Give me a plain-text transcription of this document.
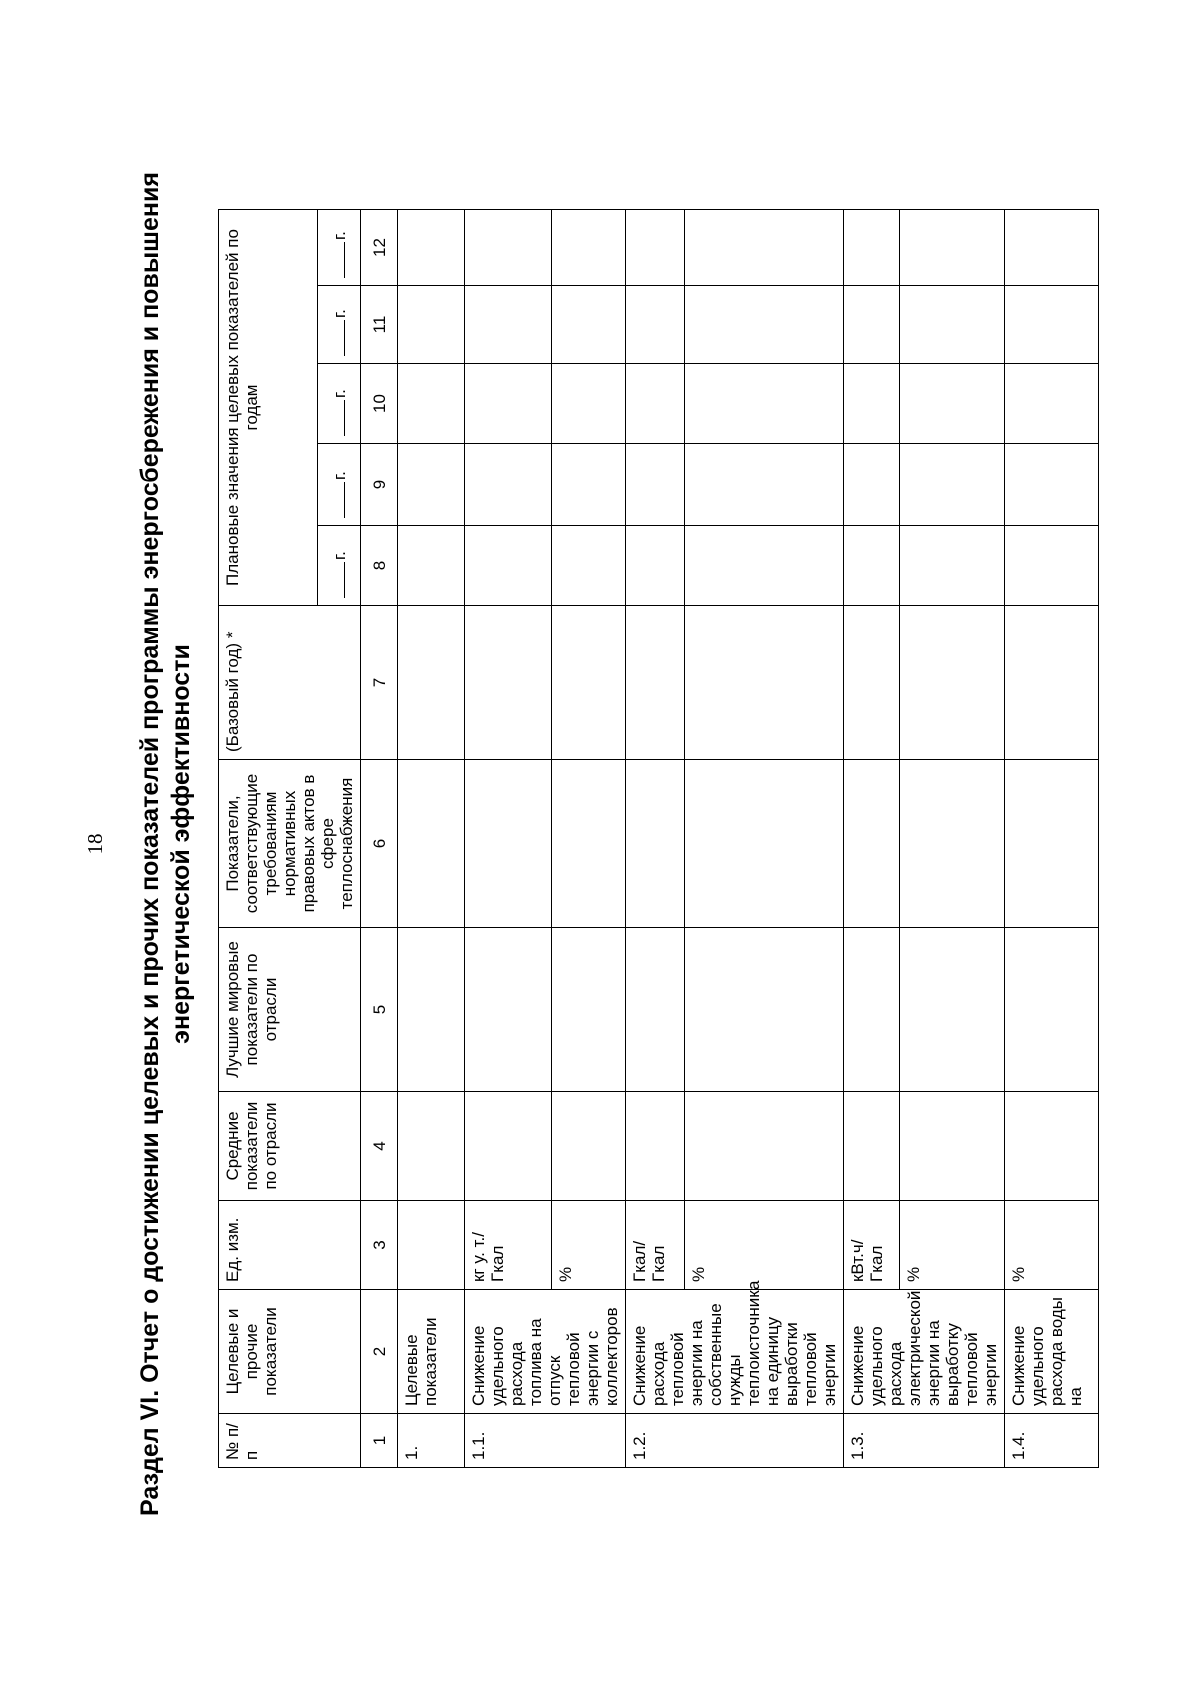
18 Раздел VI. Отчет о достижении целевых и прочих показателей программы энергосбережения и повышения энергетической эффективности
№ п/п	Целевые и прочие показатели	Ед. изм.	Средние показатели по отрасли	Лучшие мировые показатели по отрасли	Показатели, соответствующие требованиям нормативных правовых актов в сфере теплоснабжения	(Базовый год) *	Плановые значения целевых показателей по годам				
							г.	г.	г.	г.	г.
1	2	3	4	5	6	7	8	9	10	11	12
1.	Целевые показатели										
1.1.	Снижение удельного расхода топлива на отпуск тепловой энергии с коллекторов	кг у. т./Гкал									
		%									
1.2.	Снижение расхода тепловой энергии на собственные нужды теплоисточника на единицу выработки тепловой энергии	Гкал/Гкал									
		%									
1.3.	Снижение удельного расхода электрической энергии на выработку тепловой энергии	кВт.ч/Гкал									
		%									
1.4.	Снижение удельного расхода воды на	%									
